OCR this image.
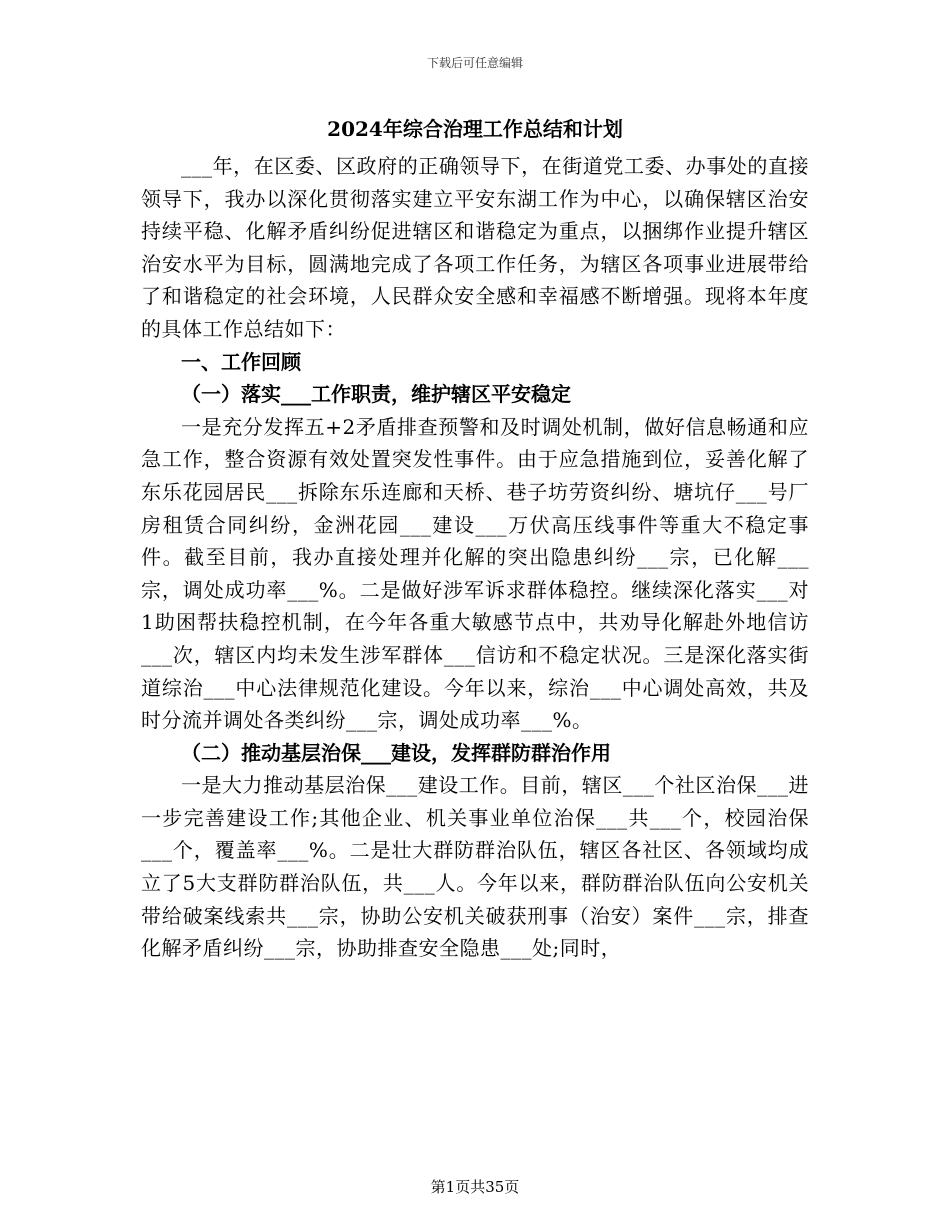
下载后可任意编辑

2024年综合治理工作总结和计划

___年，在区委、区政府的正确领导下，在街道党工委、办事处的直接领导下，我办以深化贯彻落实建立平安东湖工作为中心，以确保辖区治安持续平稳、化解矛盾纠纷促进辖区和谐稳定为重点，以捆绑作业提升辖区治安水平为目标，圆满地完成了各项工作任务，为辖区各项事业进展带给了和谐稳定的社会环境，人民群众安全感和幸福感不断增强。现将本年度的具体工作总结如下：

一、工作回顾

（一）落实___工作职责，维护辖区平安稳定

一是充分发挥五+2矛盾排查预警和及时调处机制，做好信息畅通和应急工作，整合资源有效处置突发性事件。由于应急措施到位，妥善化解了东乐花园居民___拆除东乐连廊和天桥、巷子坊劳资纠纷、塘坑仔___号厂房租赁合同纠纷，金洲花园___建设___万伏高压线事件等重大不稳定事件。截至目前，我办直接处理并化解的突出隐患纠纷___宗，已化解___宗，调处成功率___%。二是做好涉军诉求群体稳控。继续深化落实___对1助困帮扶稳控机制，在今年各重大敏感节点中，共劝导化解赴外地信访___次，辖区内均未发生涉军群体___信访和不稳定状况。三是深化落实街道综治___中心法律规范化建设。今年以来，综治___中心调处高效，共及时分流并调处各类纠纷___宗，调处成功率___%。

（二）推动基层治保___建设，发挥群防群治作用

一是大力推动基层治保___建设工作。目前，辖区___个社区治保___进一步完善建设工作;其他企业、机关事业单位治保___共___个，校园治保___个，覆盖率___%。二是壮大群防群治队伍，辖区各社区、各领域均成立了5大支群防群治队伍，共___人。今年以来，群防群治队伍向公安机关带给破案线索共___宗，协助公安机关破获刑事（治安）案件___宗，排查化解矛盾纠纷___宗，协助排查安全隐患___处;同时，

第1页共35页
